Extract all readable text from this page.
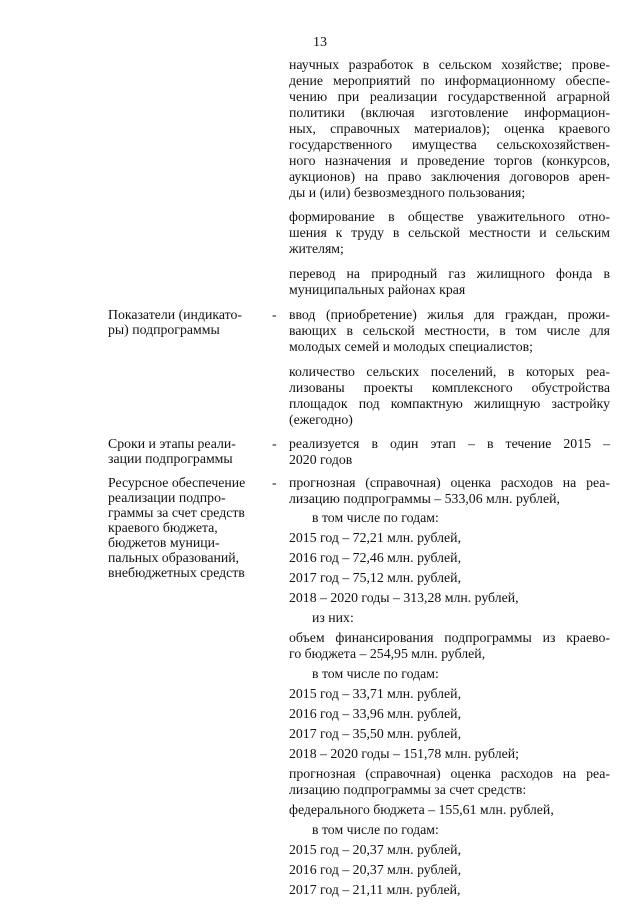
13
научных разработок в сельском хозяйстве; прове-
дение мероприятий по информационному обеспе-
чению при реализации государственной аграрной
политики (включая изготовление информацион-
ных, справочных материалов); оценка краевого
государственного имущества сельскохозяйствен-
ного назначения и проведение торгов (конкурсов,
аукционов) на право заключения договоров арен-
ды и (или) безвозмездного пользования;
формирование в обществе уважительного отно-
шения к труду в сельской местности и сельским
жителям;
перевод на природный газ жилищного фонда в
муниципальных районах края
Показатели (индикато-
ры) подпрограммы
- ввод (приобретение) жилья для граждан, прожи-
вающих в сельской местности, в том числе для
молодых семей и молодых специалистов;
количество сельских поселений, в которых реа-
лизованы проекты комплексного обустройства
площадок под компактную жилищную застройку
(ежегодно)
Сроки и этапы реали-
зации подпрограммы
- реализуется в один этап – в течение 2015 –
2020 годов
Ресурсное обеспечение
реализации подпро-
граммы за счет средств
краевого бюджета,
бюджетов муници-
пальных образований,
внебюджетных средств
- прогнозная (справочная) оценка расходов на реа-
лизацию подпрограммы – 533,06 млн. рублей,
в том числе по годам:
2015 год – 72,21 млн. рублей,
2016 год – 72,46 млн. рублей,
2017 год – 75,12 млн. рублей,
2018 – 2020 годы – 313,28 млн. рублей,
из них:
объем финансирования подпрограммы из краево-
го бюджета – 254,95 млн. рублей,
в том числе по годам:
2015 год – 33,71 млн. рублей,
2016 год – 33,96 млн. рублей,
2017 год – 35,50 млн. рублей,
2018 – 2020 годы – 151,78 млн. рублей;
прогнозная (справочная) оценка расходов на реа-
лизацию подпрограммы за счет средств:
федерального бюджета – 155,61 млн. рублей,
в том числе по годам:
2015 год – 20,37 млн. рублей,
2016 год – 20,37 млн. рублей,
2017 год – 21,11 млн. рублей,
